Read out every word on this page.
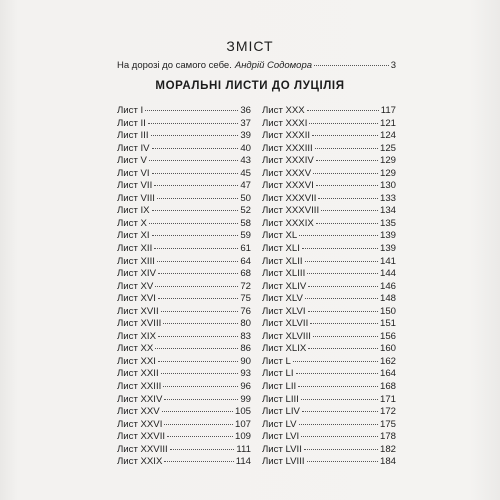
ЗМІСТ
На дорозі до самого себе. Андрій Содомора	3
МОРАЛЬНІ ЛИСТИ ДО ЛУЦІЛІЯ
Лист I	36
Лист II	37
Лист III	39
Лист IV	40
Лист V	43
Лист VI	45
Лист VII	47
Лист VIII	50
Лист IX	52
Лист X	58
Лист XI	59
Лист XII	61
Лист XIII	64
Лист XIV	68
Лист XV	72
Лист XVI	75
Лист XVII	76
Лист XVIII	80
Лист XIX	83
Лист XX	86
Лист XXI	90
Лист XXII	93
Лист XXIII	96
Лист XXIV	99
Лист XXV	105
Лист XXVI	107
Лист XXVII	109
Лист XXVIII	111
Лист XXIX	114
Лист XXX	117
Лист XXXI	121
Лист XXXII	124
Лист XXXIII	125
Лист XXXIV	129
Лист XXXV	129
Лист XXXVI	130
Лист XXXVII	133
Лист XXXVIII	134
Лист XXXIX	135
Лист XL	139
Лист XLI	139
Лист XLII	141
Лист XLIII	144
Лист XLIV	146
Лист XLV	148
Лист XLVI	150
Лист XLVII	151
Лист XLVIII	156
Лист XLIX	160
Лист L	162
Лист LI	164
Лист LII	168
Лист LIII	171
Лист LIV	172
Лист LV	175
Лист LVI	178
Лист LVII	182
Лист LVIII	184
